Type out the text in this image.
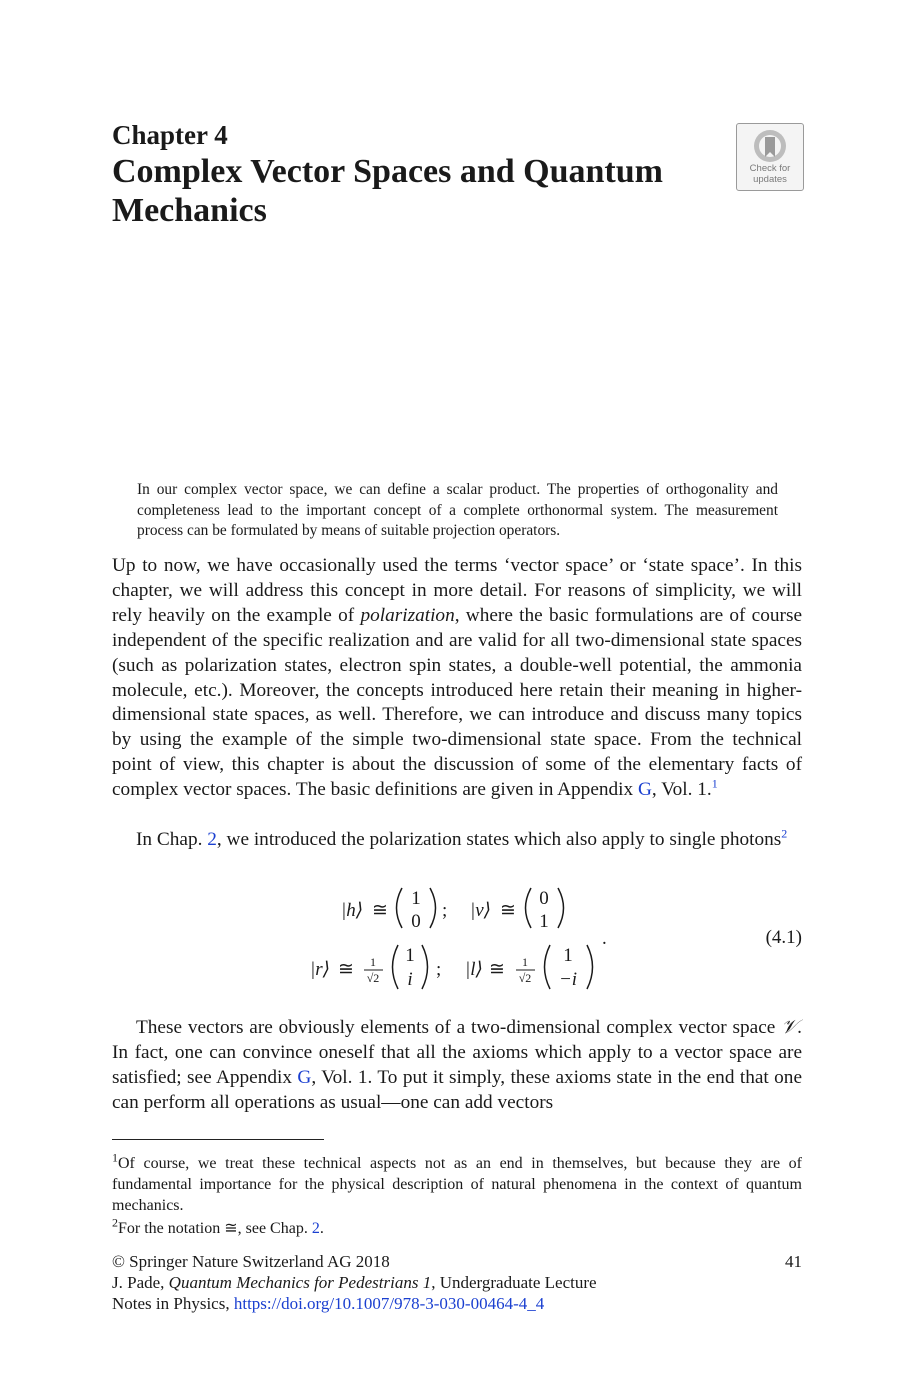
Chapter 4
Complex Vector Spaces and Quantum
Mechanics
Check for
updates
In our complex vector space, we can define a scalar product. The properties of orthogonality and completeness lead to the important concept of a complete orthonormal system. The measurement process can be formulated by means of suitable projection operators.
Up to now, we have occasionally used the terms ‘vector space’ or ‘state space’. In this chapter, we will address this concept in more detail. For reasons of simplicity, we will rely heavily on the example of polarization, where the basic formulations are of course independent of the specific realization and are valid for all two-dimensional state spaces (such as polarization states, electron spin states, a double-well potential, the ammonia molecule, etc.). Moreover, the concepts introduced here retain their meaning in higher-dimensional state spaces, as well. Therefore, we can introduce and discuss many topics by using the example of the simple two-dimensional state space. From the technical point of view, this chapter is about the discussion of some of the elementary facts of complex vector spaces. The basic definitions are given in Appendix G, Vol. 1.$^1$
In Chap. 2, we introduced the polarization states which also apply to single photons$^2$
|h⟩ ≅
1
0
; |v⟩ ≅
0
1
|r⟩ ≅ 1
√2
1
i ; |l⟩ ≅ 1
√2
1
−i
.	(4.1)
These vectors are obviously elements of a two-dimensional complex vector space 𝒱. In fact, one can convince oneself that all the axioms which apply to a vector space are satisfied; see Appendix G, Vol. 1. To put it simply, these axioms state in the end that one can perform all operations as usual—one can add vectors
$^1$Of course, we treat these technical aspects not as an end in themselves, but because they are of fundamental importance for the physical description of natural phenomena in the context of quantum mechanics.
$^2$For the notation ≅, see Chap. 2.
© Springer Nature Switzerland AG 2018
J. Pade, Quantum Mechanics for Pedestrians 1, Undergraduate Lecture
Notes in Physics, https://doi.org/10.1007/978-3-030-00464-4_4
41
